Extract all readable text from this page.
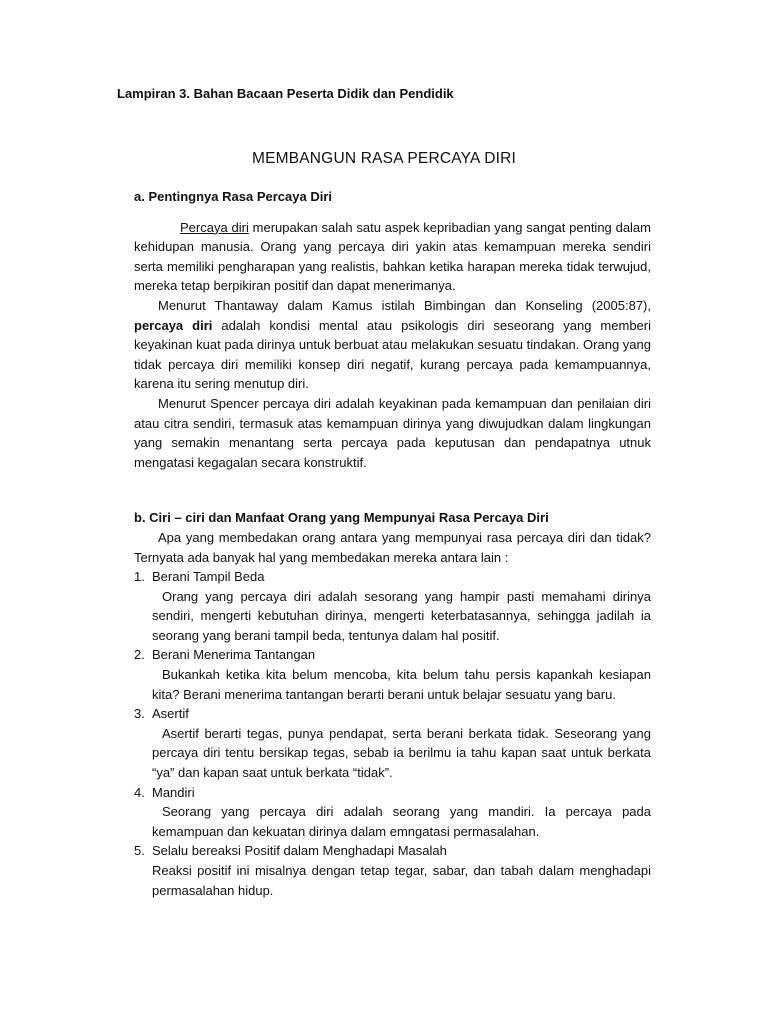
Lampiran 3. Bahan Bacaan Peserta Didik dan Pendidik
MEMBANGUN RASA PERCAYA DIRI

a. Pentingnya Rasa Percaya Diri

Percaya diri merupakan salah satu aspek kepribadian yang sangat penting dalam kehidupan manusia. Orang yang percaya diri yakin atas kemampuan mereka sendiri serta memiliki pengharapan yang realistis, bahkan ketika harapan mereka tidak terwujud, mereka tetap berpikiran positif dan dapat menerimanya.

Menurut Thantaway dalam Kamus istilah Bimbingan dan Konseling (2005:87), percaya diri adalah kondisi mental atau psikologis diri seseorang yang memberi keyakinan kuat pada dirinya untuk berbuat atau melakukan sesuatu tindakan. Orang yang tidak percaya diri memiliki konsep diri negatif, kurang percaya pada kemampuannya, karena itu sering menutup diri.

Menurut Spencer percaya diri adalah keyakinan pada kemampuan dan penilaian diri atau citra sendiri, termasuk atas kemampuan dirinya yang diwujudkan dalam lingkungan yang semakin menantang serta percaya pada keputusan dan pendapatnya utnuk mengatasi kegagalan secara konstruktif.

b. Ciri – ciri dan Manfaat Orang yang Mempunyai Rasa Percaya Diri

Apa yang membedakan orang antara yang mempunyai rasa percaya diri dan tidak? Ternyata ada banyak hal yang membedakan mereka antara lain :

1. Berani Tampil Beda

Orang yang percaya diri adalah sesorang yang hampir pasti memahami dirinya sendiri, mengerti kebutuhan dirinya, mengerti keterbatasannya, sehingga jadilah ia seorang yang berani tampil beda, tentunya dalam hal positif.

2. Berani Menerima Tantangan

Bukankah ketika kita belum mencoba, kita belum tahu persis kapankah kesiapan kita? Berani menerima tantangan berarti berani untuk belajar sesuatu yang baru.

3. Asertif

Asertif berarti tegas, punya pendapat, serta berani berkata tidak. Seseorang yang percaya diri tentu bersikap tegas, sebab ia berilmu ia tahu kapan saat untuk berkata “ya” dan kapan saat untuk berkata “tidak”.

4. Mandiri

Seorang yang percaya diri adalah seorang yang mandiri. Ia percaya pada kemampuan dan kekuatan dirinya dalam emngatasi permasalahan.

5. Selalu bereaksi Positif dalam Menghadapi Masalah

Reaksi positif ini misalnya dengan tetap tegar, sabar, dan tabah dalam menghadapi permasalahan hidup.
